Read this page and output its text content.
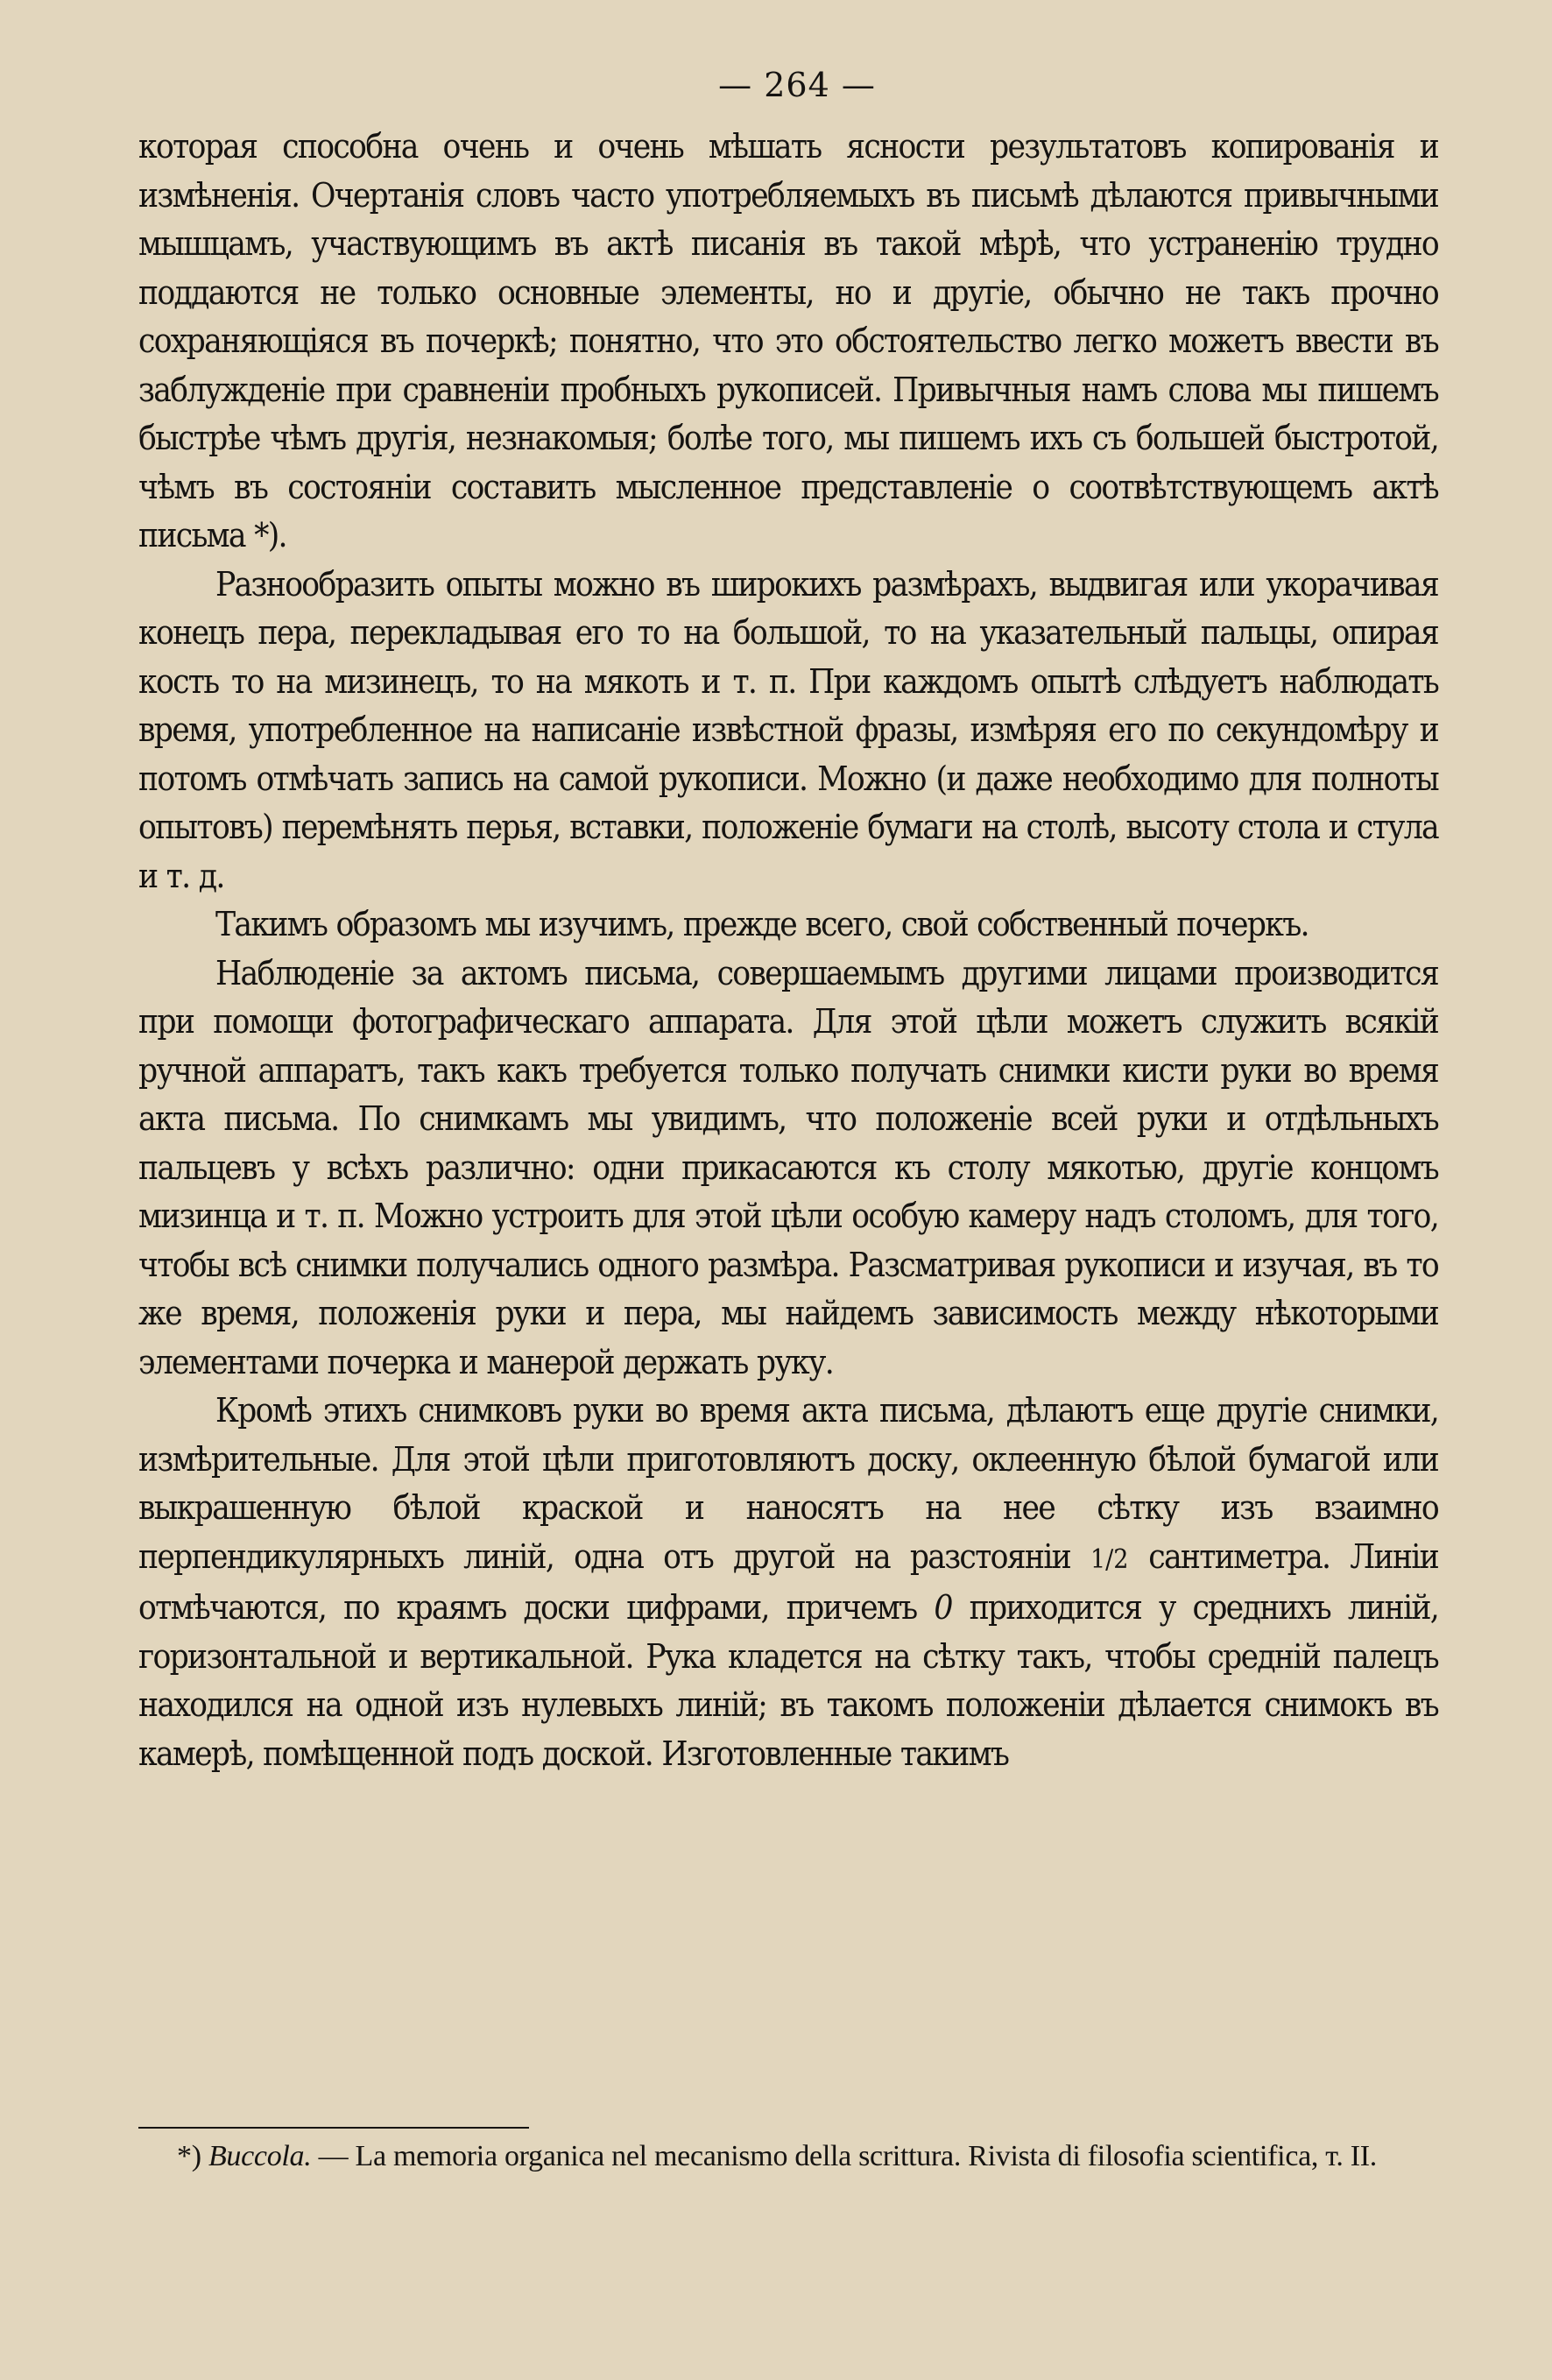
— 264 —

которая способна очень и очень мѣшать ясности результатовъ копированія и измѣненія. Очертанія словъ часто употребляемыхъ въ письмѣ дѣлаются привычными мышцамъ, участвующимъ въ актѣ писанія въ такой мѣрѣ, что устраненію трудно поддаются не только основные элементы, но и другіе, обычно не такъ прочно сохраняющіяся въ почеркѣ; понятно, что это обстоятельство легко можетъ ввести въ заблужденіе при сравненіи пробныхъ рукописей. Привычныя намъ слова мы пишемъ быстрѣе чѣмъ другія, незнакомыя; болѣе того, мы пишемъ ихъ съ большей быстротой, чѣмъ въ состояніи составить мысленное представленіе о соотвѣтствующемъ актѣ письма *).

Разнообразить опыты можно въ широкихъ размѣрахъ, выдвигая или укорачивая конецъ пера, перекладывая его то на большой, то на указательный пальцы, опирая кость то на мизинецъ, то на мякоть и т. п. При каждомъ опытѣ слѣдуетъ наблюдать время, употребленное на написаніе извѣстной фразы, измѣряя его по секундомѣру и потомъ отмѣчать запись на самой рукописи. Можно (и даже необходимо для полноты опытовъ) перемѣнять перья, вставки, положеніе бумаги на столѣ, высоту стола и стула и т. д.

Такимъ образомъ мы изучимъ, прежде всего, свой собственный почеркъ.

Наблюденіе за актомъ письма, совершаемымъ другими лицами производится при помощи фотографическаго аппарата. Для этой цѣли можетъ служить всякій ручной аппаратъ, такъ какъ требуется только получать снимки кисти руки во время акта письма. По снимкамъ мы увидимъ, что положеніе всей руки и отдѣльныхъ пальцевъ у всѣхъ различно: одни прикасаются къ столу мякотью, другіе концомъ мизинца и т. п. Можно устроить для этой цѣли особую камеру надъ столомъ, для того, чтобы всѣ снимки получались одного размѣра. Разсматривая рукописи и изучая, въ то же время, положенія руки и пера, мы найдемъ зависимость между нѣкоторыми элементами почерка и манерой держать руку.

Кромѣ этихъ снимковъ руки во время акта письма, дѣлаютъ еще другіе снимки, измѣрительные. Для этой цѣли приготовляютъ доску, оклеенную бѣлой бумагой или выкрашенную бѣлой краской и наносятъ на нее сѣтку изъ взаимно перпендикулярныхъ линій, одна отъ другой на разстояніи 1/2 сантиметра. Линіи отмѣчаются, по краямъ доски цифрами, причемъ 0 приходится у среднихъ линій, горизонтальной и вертикальной. Рука кладется на сѣтку такъ, чтобы средній палецъ находился на одной изъ нулевыхъ линій; въ такомъ положеніи дѣлается снимокъ въ камерѣ, помѣщенной подъ доской. Изготовленные такимъ

*) Buccola. — La memoria organica nel mecanismo della scrittura. Rivista di filosofia scientifica, т. II.
